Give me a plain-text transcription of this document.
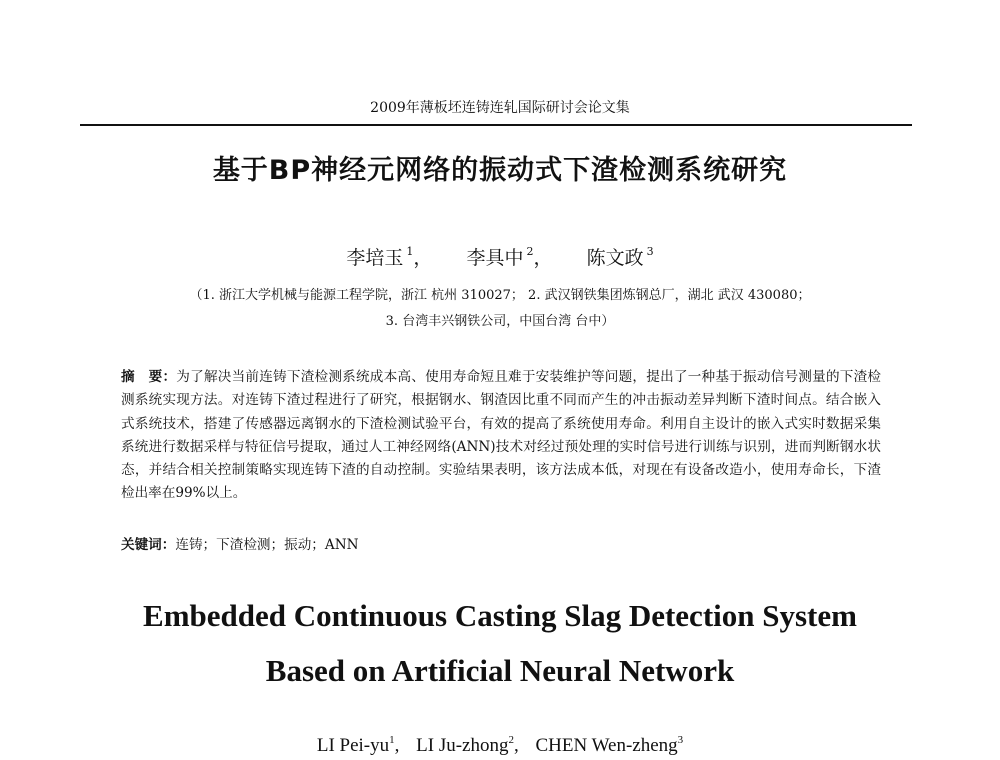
2009年薄板坯连铸连轧国际研讨会论文集
基于BP神经元网络的振动式下渣检测系统研究
李培玉 $^1$， 李具中 $^2$， 陈文政 $^3$
（1. 浙江大学机械与能源工程学院，浙江 杭州 310027； 2. 武汉钢铁集团炼钢总厂，湖北 武汉 430080；
3. 台湾丰兴钢铁公司，中国台湾 台中）
摘　要：为了解决当前连铸下渣检测系统成本高、使用寿命短且难于安装维护等问题，提出了一种基于振动信号测量的下渣检测系统实现方法。对连铸下渣过程进行了研究，根据钢水、钢渣因比重不同而产生的冲击振动差异判断下渣时间点。结合嵌入式系统技术，搭建了传感器远离钢水的下渣检测试验平台，有效的提高了系统使用寿命。利用自主设计的嵌入式实时数据采集系统进行数据采样与特征信号提取，通过人工神经网络(ANN)技术对经过预处理的实时信号进行训练与识别，进而判断钢水状态，并结合相关控制策略实现连铸下渣的自动控制。实验结果表明，该方法成本低，对现在有设备改造小，使用寿命长，下渣检出率在99%以上。
关键词：连铸；下渣检测；振动；ANN
Embedded Continuous Casting Slag Detection System
Based on Artificial Neural Network
LI Pei-$yu^1$, LI Ju-zhong$^2$, CHEN Wen-zheng$^3$
